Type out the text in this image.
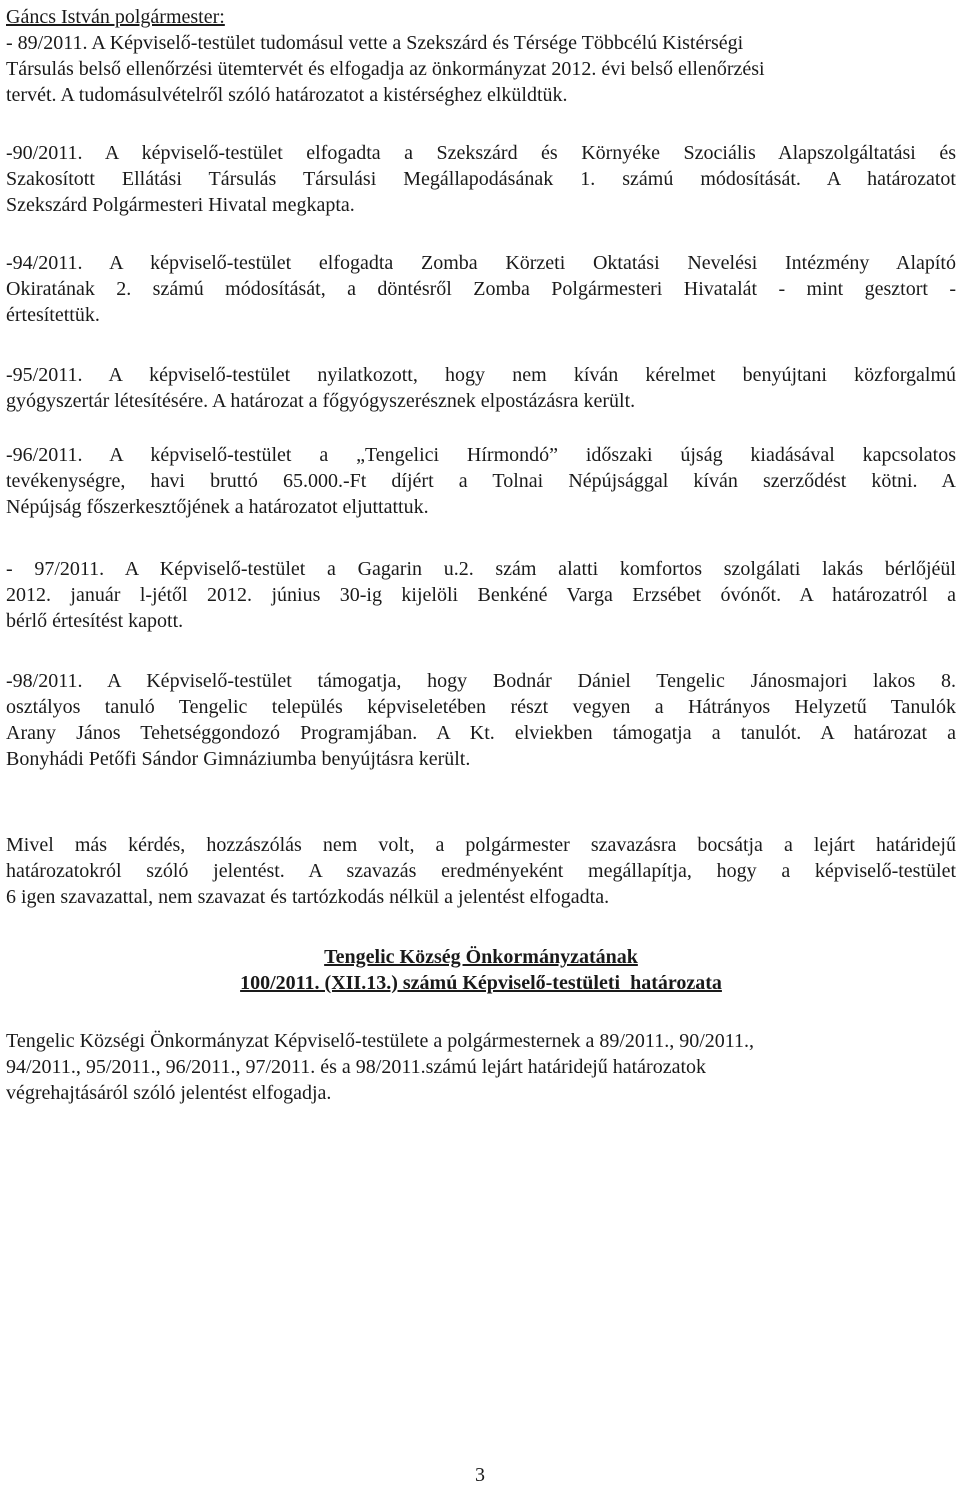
Gáncs István polgármester:

- 89/2011. A Képviselő-testület tudomásul vette a Szekszárd és Térsége Többcélú Kistérségi

Társulás belső ellenőrzési ütemtervét és elfogadja az önkormányzat 2012. évi belső ellenőrzési

tervét. A tudomásulvételről szóló határozatot a kistérséghez elküldtük.

-90/2011. A képviselő-testület elfogadta a Szekszárd és Környéke Szociális Alapszolgáltatási és

Szakosított Ellátási Társulás Társulási Megállapodásának 1. számú módosítását. A határozatot

Szekszárd Polgármesteri Hivatal megkapta.

-94/2011. A képviselő-testület elfogadta Zomba Körzeti Oktatási Nevelési Intézmény Alapító

Okiratának 2. számú módosítását, a döntésről Zomba Polgármesteri Hivatalát - mint gesztort -

értesítettük.

-95/2011. A képviselő-testület nyilatkozott, hogy nem kíván kérelmet benyújtani közforgalmú

gyógyszertár létesítésére. A határozat a főgyógyszerésznek elpostázásra került.

-96/2011. A képviselő-testület a „Tengelici Hírmondó” időszaki újság kiadásával kapcsolatos

tevékenységre, havi bruttó 65.000.-Ft díjért a Tolnai Népújsággal kíván szerződést kötni. A

Népújság főszerkesztőjének a határozatot eljuttattuk.

- 97/2011. A Képviselő-testület a Gagarin u.2. szám alatti komfortos szolgálati lakás bérlőjéül

2012. január l-jétől 2012. június 30-ig kijelöli Benkéné Varga Erzsébet óvónőt. A határozatról a

bérlő értesítést kapott.

-98/2011. A Képviselő-testület támogatja, hogy Bodnár Dániel Tengelic Jánosmajori lakos 8.

osztályos tanuló Tengelic település képviseletében részt vegyen a Hátrányos Helyzetű Tanulók

Arany János Tehetséggondozó Programjában. A Kt. elviekben támogatja a tanulót. A határozat a

Bonyhádi Petőfi Sándor Gimnáziumba benyújtásra került.

Mivel más kérdés, hozzászólás nem volt, a polgármester szavazásra bocsátja a lejárt határidejű

határozatokról szóló jelentést. A szavazás eredményeként megállapítja, hogy a képviselő-testület

6 igen szavazattal, nem szavazat és tartózkodás nélkül a jelentést elfogadta.

Tengelic Község Önkormányzatának

100/2011. (XII.13.) számú Képviselő-testületi  határozata

Tengelic Községi Önkormányzat Képviselő-testülete a polgármesternek a 89/2011., 90/2011.,

94/2011., 95/2011., 96/2011., 97/2011. és a 98/2011.számú lejárt határidejű határozatok

végrehajtásáról szóló jelentést elfogadja.

3
